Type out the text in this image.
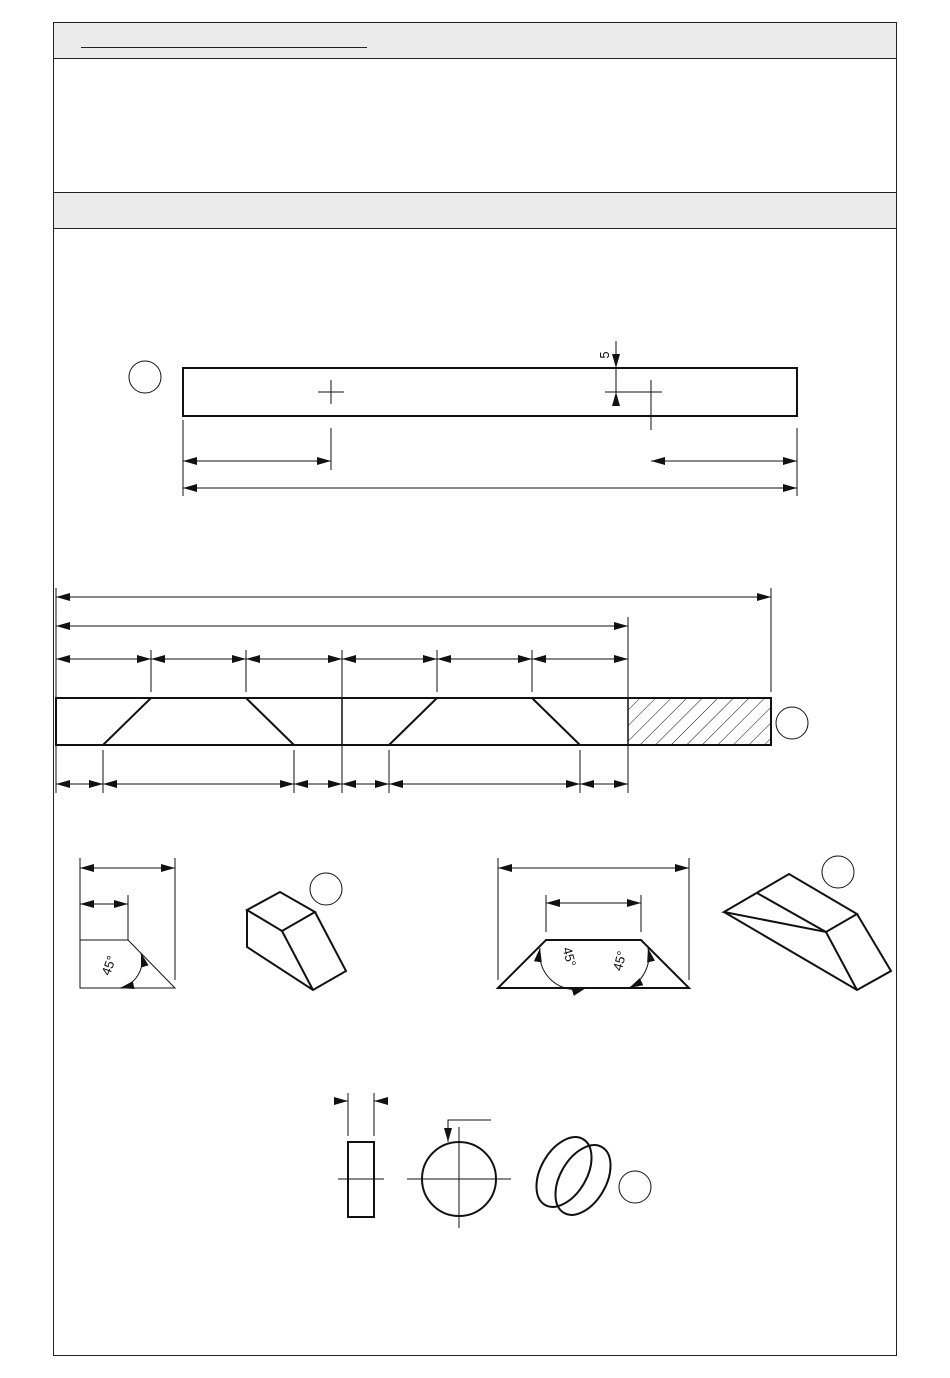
5
45°	45° 45°
